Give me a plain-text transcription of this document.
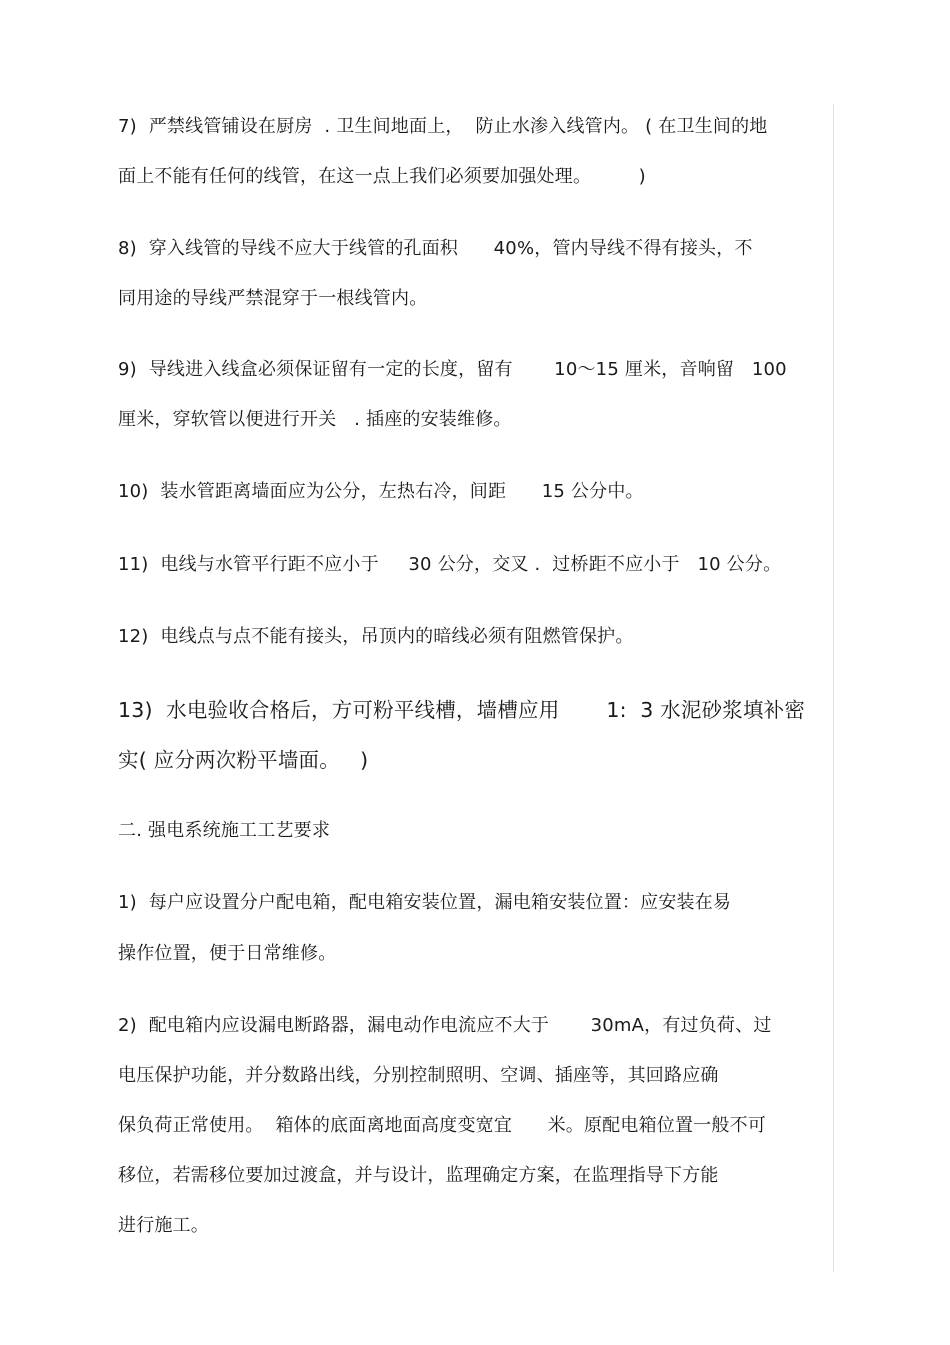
7)  严禁线管铺设在厨房  . 卫生间地面上，  防止水渗入线管内。 ( 在卫生间的地
面上不能有任何的线管，在这一点上我们必须要加强处理。        )
8)  穿入线管的导线不应大于线管的孔面积      40%，管内导线不得有接头，不
同用途的导线严禁混穿于一根线管内。
9)  导线进入线盒必须保证留有一定的长度，留有       10～15 厘米，音响留   100
厘米，穿软管以便进行开关   . 插座的安装维修。
10)  装水管距离墙面应为公分，左热右冷，间距      15 公分中。
11)  电线与水管平行距不应小于     30 公分，交叉 .  过桥距不应小于   10 公分。
12)  电线点与点不能有接头，吊顶内的暗线必须有阻燃管保护。
13)  水电验收合格后，方可粉平线槽，墙槽应用       1:  3 水泥砂浆填补密
实( 应分两次粉平墙面。   )
二. 强电系统施工工艺要求
1)  每户应设置分户配电箱，配电箱安装位置，漏电箱安装位置：应安装在易
操作位置，便于日常维修。
2)  配电箱内应设漏电断路器，漏电动作电流应不大于       30mA，有过负荷、过
电压保护功能，并分数路出线，分别控制照明、空调、插座等，其回路应确
保负荷正常使用。  箱体的底面离地面高度变宽宜      米。原配电箱位置一般不可
移位，若需移位要加过渡盒，并与设计，监理确定方案，在监理指导下方能
进行施工。
